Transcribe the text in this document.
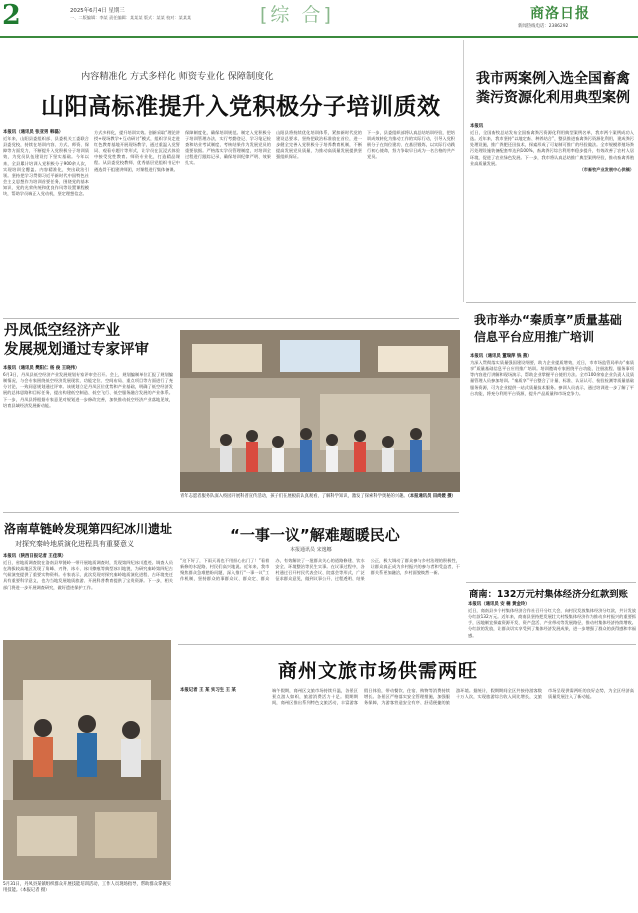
2	2025年6月4日 星期三
一、二版编辑：李某 责任编辑：某某某 版式：某某 校对：某某某	[综 合]	商洛日报
新闻热线电话：2386292
内容精准化 方式多样化 师资专业化 保障制度化
山阳高标准提升入党积极分子培训质效

本报讯（通讯员 张亚男 韩磊）

近年来，山阳县委组织部、县委机关工委联合县委党校，持续在培训内容、方式、师资、保障等方面发力，不断提升入党积极分子培训质效，为党员队伍建设打下坚实基础。今年以来，全县累计培训入党积极分子900余人次，实现培训全覆盖。内容精准化，突出政治引领。坚持把学习贯彻习近平新时代中国特色社会主义思想作为培训首要任务，围绕党的基本知识、党的光荣传统和优良作风等设置课程模块，帮助学员端正入党动机，坚定理想信念。

方式多样化，提升培训实效。创新采取“理论讲授+现场教学+互动研讨”模式，组织学员走进红色教育基地开展现场教学，通过重温入党誓词、观看专题片等形式，让学员在沉浸式体验中接受党性教育。师资专业化，打造精品课程。从县委党校教师、优秀基层党组织书记中遴选骨干组建讲师团，对课程进行集体备课。

保障制度化，确保培训规范。制定入党积极分子培训管理办法，实行考勤登记、学习笔记检查和结业考试制度，考核结果作为发展党员的重要依据。严格落实学员管理制度，对培训全过程进行跟踪记录，确保培训纪律严明、效果扎实。

山阳县将持续优化培训体系，紧扣新时代党的建设总要求，坚持把政治标准放在首位，进一步健全完善入党积极分子培养教育机制，不断提高发展党员质量，为推动高质量发展提供坚强组织保证。

下一步，县委组织部将认真总结培训经验，把培训成效转化为推动工作的实际行动，引导入党积极分子在岗位建功、在基层锻炼，以实际行动践行初心使命，努力争取早日成为一名合格的共产党员。

我市两案例入选全国畜禽
粪污资源化利用典型案例

本报讯

近日，全国畜牧总站发布全国畜禽粪污资源化利用典型案例名单，我市两个案例成功入选。近年来，我市坚持“以地定畜、种养结合”，整县推进畜禽粪污资源化利用，建成粪污处理设施，推广粪肥还田技术，探索形成了可复制可推广的经验做法。全市规模养殖场粪污处理设施装备配套率达到100%，畜禽粪污综合利用率稳步提升，有效改善了农村人居环境，促进了农业绿色发展。下一步，我市将认真总结推广典型案例经验，推动畜禽养殖业高质量发展。

（市畜牧产业发展中心供稿）

丹凤低空经济产业
发展规划通过专家评审

本报讯（通讯员 樊阳仁 杨 俊 王晓伟）

6月3日，丹凤县低空经济产业发展规划专家评审会召开。会上，规划编制单位汇报了规划编制情况，与会专家围绕低空经济发展现状、功能定位、空间布局、重点项目等方面进行了充分讨论，一致同意规划通过评审。该规划立足丹凤区位优势和产业基础，明确了低空经济发展的总体思路和目标任务，提出构建低空制造、低空飞行、低空服务融合发展的产业体系。下一步，丹凤县将根据专家意见对规划进一步修改完善，加快推动低空经济产业落地见效，培育县域经济发展新动能。

青年志愿者服务队深入校园开展科普宣传活动，孩子们在展板前认真观看，了解科学知识，激发了探索科学奥秘的兴趣。（本报通讯员 田尚媛 摄）

我市举办“秦质享”质量基础
信息平台应用推广培训

本报讯（通讯员 董瑞萍 钱 燕）

为深入贯彻落实质量强国建设纲要，助力企业提质增效，近日，市市场监管局举办“秦质享”质量基础信息平台应用推广培训。培训邀请专家围绕平台功能、注册流程、服务事项等内容进行讲解和现场演示，帮助企业掌握平台使用方法。全市100余家企业负责人及质量管理人员参加培训。“秦质享”平台整合了计量、标准、认证认可、检验检测等质量基础服务资源，可为企业提供一站式质量技术服务。参训人员表示，通过培训进一步了解了平台功能，将充分利用平台资源，提升产品质量和市场竞争力。

洛南草链岭发现第四纪冰川遗址
对探究秦岭地质演化进程具有重要意义

本报讯（陕西日报记者 王佳琪）

近日，省地质调查院在洛南县草链岭一带开展地质调查时，发现第四纪冰川遗迹。调查人员在海拔较高地区发现了角峰、刃脊、冰斗、冰川擦痕等典型冰川地貌，为研究秦岭第四纪古气候演变提供了重要实物资料。专家表示，此次发现对探究秦岭地质演化进程、古环境变迁具有重要科学意义，也为当地发展地质旅游、开展科普教育提供了宝贵资源。下一步，相关部门将进一步开展调查研究，做好遗迹保护工作。

“一事一议”解难题暖民心
本报通讯员 宋逸娜

“这下好了，下雨天再也不用担心出门了！”看着新修的水泥路，村民们高兴地说。近年来，我市聚焦群众急难愁盼问题，深入推行“一事一议”工作机制，坚持群众的事群众议、群众定、群众办，有效解决了一批群众关心的道路修建、饮水安全、环境整治等民生实事。在议事过程中，各村通过召开村民代表会议、院落会等形式，广泛征求群众意见，做到议事公开、过程透明、结果公正，极大调动了群众参与乡村治理的积极性，让群众真正成为乡村振兴的参与者和受益者，干群关系更加融洽，乡村面貌焕然一新。

商南：132万元村集体经济分红款到账

本报讯（通讯员 安 楠 黄金玲）

近日，商南县多个村集体经济合作社召开分红大会，向村民发放集体经济分红款，共计发放分红款132万元。近年来，商南县坚持把发展壮大村级集体经济作为推动乡村振兴的重要抓手，因地制宜探索资源开发、资产盘活、产业带动等发展路径，推动村集体经济持续增收。分红款的发放，让群众切实享受到了集体经济发展成果，进一步增强了群众的获得感和幸福感。

5月31日，丹凤县某镇组织群众开展技能培训活动，工作人员现场指导，帮助群众掌握实用技能。（本报记者 摄）

商州文旅市场供需两旺

本报记者 王 某 实习生 王 某	端午假期，商州区文旅市场持续升温，各景区景点游人如织，旅游消费活力十足。假期期间，商州区推出系列特色文旅活动，丰富游客假日体验，带动餐饮、住宿、购物等消费持续增长。各景区严格落实安全管理措施，加强服务保障，为游客营造安全有序、舒适便捷的旅游环境。据统计，假期期间全区共接待游客数十万人次，实现旅游综合收入同比增长，文旅市场呈现供需两旺的良好态势，为全区经济高质量发展注入了新动能。
